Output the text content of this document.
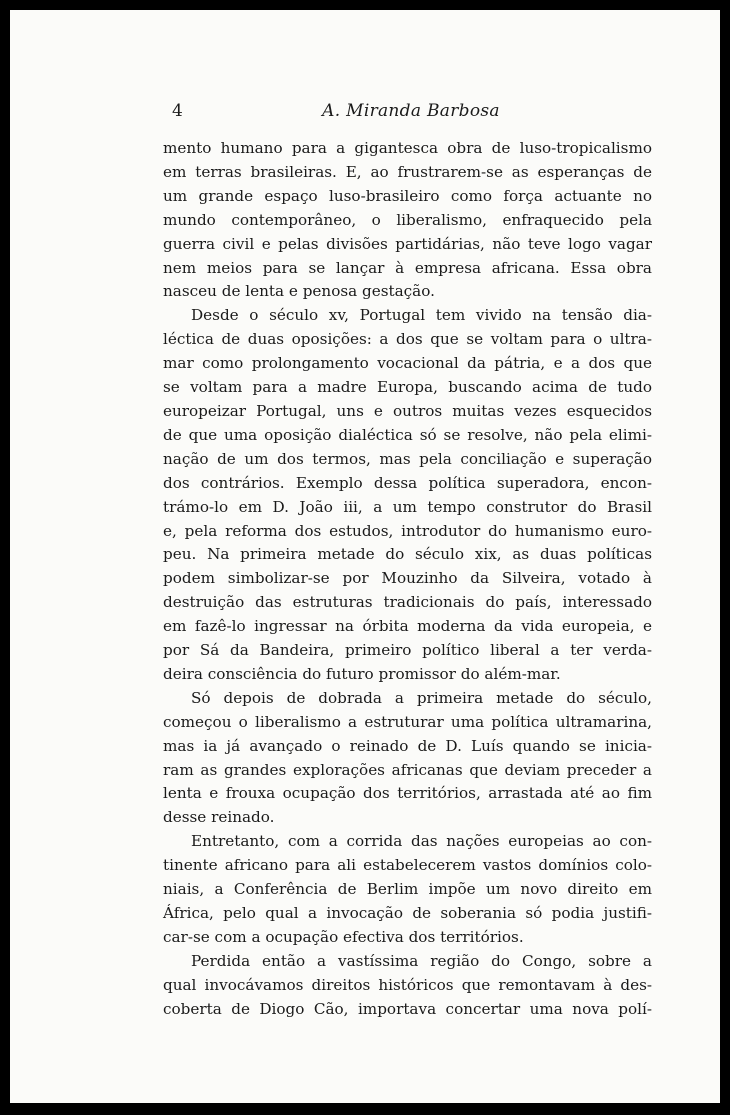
4	A. Miranda Barbosa

mento humano para a gigantesca obra de luso-tropicalismo
em terras brasileiras. E, ao frustrarem-se as esperanças de
um grande espaço luso-brasileiro como força actuante no
mundo contemporâneo, o liberalismo, enfraquecido pela
guerra civil e pelas divisões partidárias, não teve logo vagar
nem meios para se lançar à empresa africana. Essa obra
nasceu de lenta e penosa gestação.

Desde o século xv, Portugal tem vivido na tensão dia-
léctica de duas oposições: a dos que se voltam para o ultra-
mar como prolongamento vocacional da pátria, e a dos que
se voltam para a madre Europa, buscando acima de tudo
europeizar Portugal, uns e outros muitas vezes esquecidos
de que uma oposição dialéctica só se resolve, não pela elimi-
nação de um dos termos, mas pela conciliação e superação
dos contrários. Exemplo dessa política superadora, encon-
trámo-lo em D. João iii, a um tempo construtor do Brasil
e, pela reforma dos estudos, introdutor do humanismo euro-
peu. Na primeira metade do século xix, as duas políticas
podem simbolizar-se por Mouzinho da Silveira, votado à
destruição das estruturas tradicionais do país, interessado
em fazê-lo ingressar na órbita moderna da vida europeia, e
por Sá da Bandeira, primeiro político liberal a ter verda-
deira consciência do futuro promissor do além-mar.

Só depois de dobrada a primeira metade do século,
começou o liberalismo a estruturar uma política ultramarina,
mas ia já avançado o reinado de D. Luís quando se inicia-
ram as grandes explorações africanas que deviam preceder a
lenta e frouxa ocupação dos territórios, arrastada até ao fim
desse reinado.

Entretanto, com a corrida das nações europeias ao con-
tinente africano para ali estabelecerem vastos domínios colo-
niais, a Conferência de Berlim impõe um novo direito em
África, pelo qual a invocação de soberania só podia justifi-
car-se com a ocupação efectiva dos territórios.

Perdida então a vastíssima região do Congo, sobre a
qual invocávamos direitos históricos que remontavam à des-
coberta de Diogo Cão, importava concertar uma nova polí-
